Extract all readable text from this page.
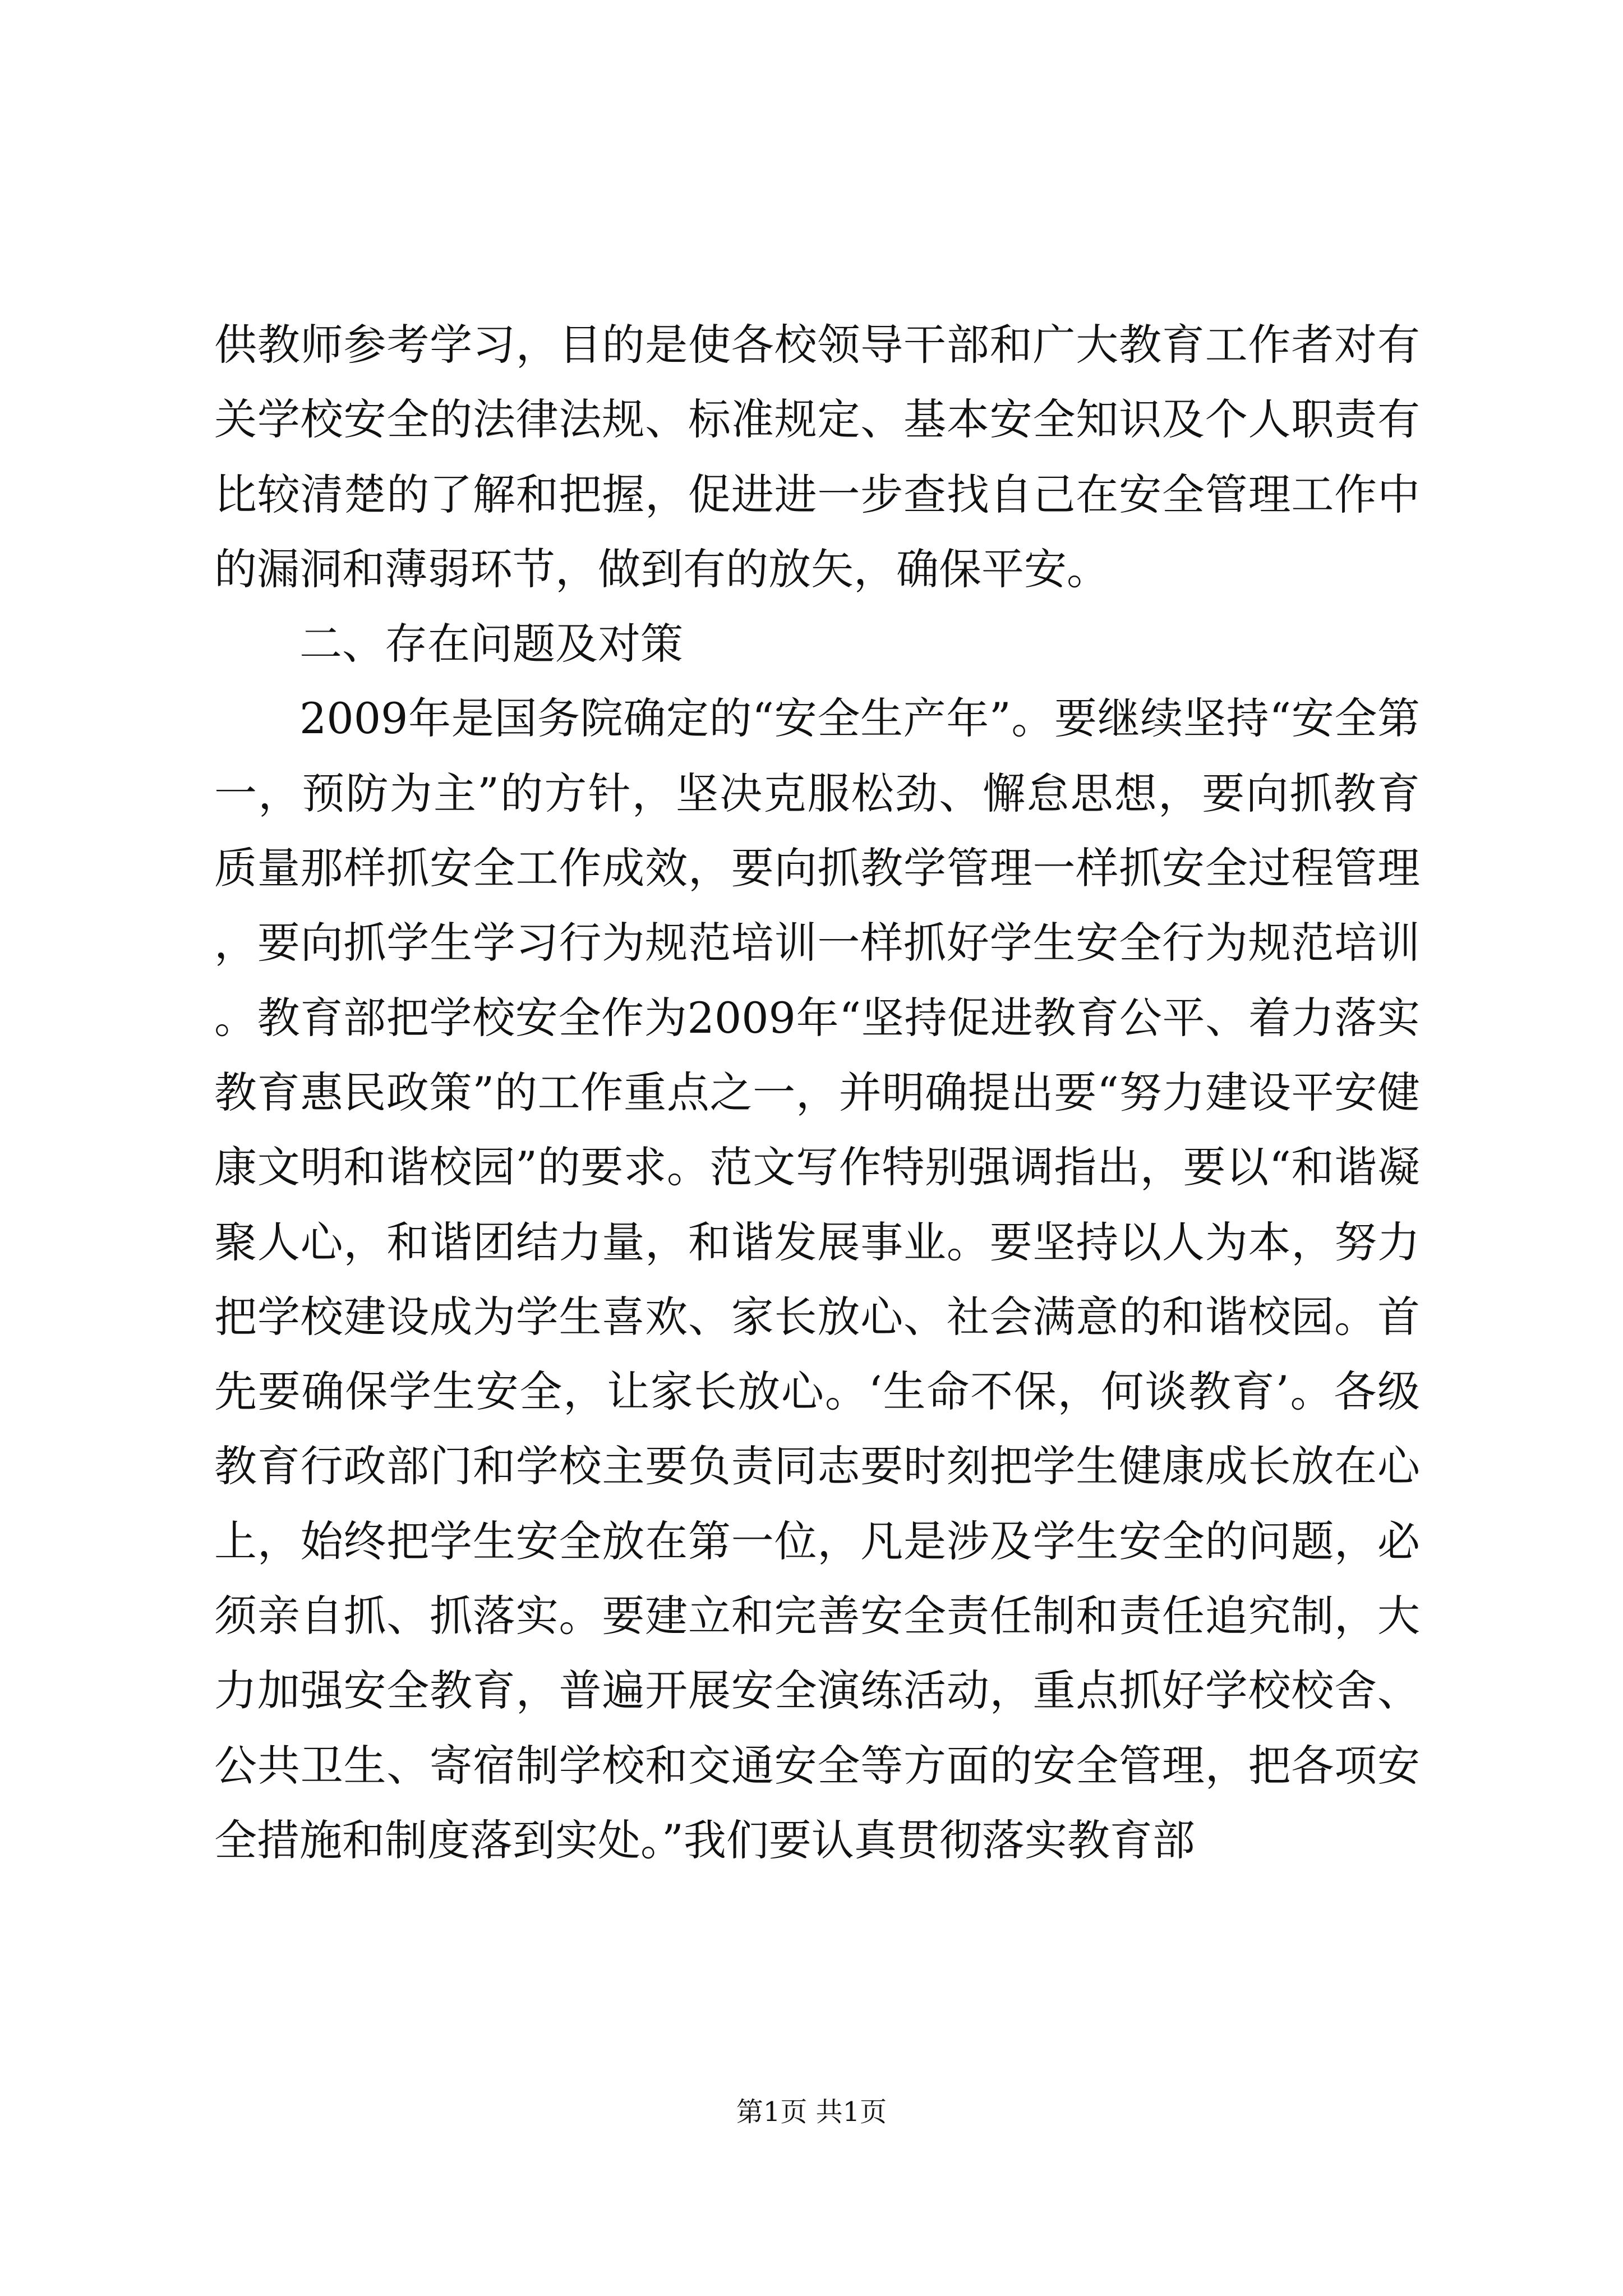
供教师参考学习，目的是使各校领导干部和广大教育工作者对有关学校安全的法律法规、标准规定、基本安全知识及个人职责有比较清楚的了解和把握，促进进一步查找自己在安全管理工作中的漏洞和薄弱环节，做到有的放矢，确保平安。

二、存在问题及对策

2009年是国务院确定的“安全生产年”。要继续坚持“安全第一，预防为主”的方针，坚决克服松劲、懈怠思想，要向抓教育质量那样抓安全工作成效，要向抓教学管理一样抓安全过程管理，要向抓学生学习行为规范培训一样抓好学生安全行为规范培训。教育部把学校安全作为2009年“坚持促进教育公平、着力落实教育惠民政策”的工作重点之一，并明确提出要“努力建设平安健康文明和谐校园”的要求。范文写作特别强调指出，要以“和谐凝聚人心，和谐团结力量，和谐发展事业。要坚持以人为本，努力把学校建设成为学生喜欢、家长放心、社会满意的和谐校园。首先要确保学生安全，让家长放心。‘生命不保，何谈教育’。各级教育行政部门和学校主要负责同志要时刻把学生健康成长放在心上，始终把学生安全放在第一位，凡是涉及学生安全的问题，必须亲自抓、抓落实。要建立和完善安全责任制和责任追究制，大力加强安全教育，普遍开展安全演练活动，重点抓好学校校舍、公共卫生、寄宿制学校和交通安全等方面的安全管理，把各项安全措施和制度落到实处。”我们要认真贯彻落实教育部

第1页 共1页
